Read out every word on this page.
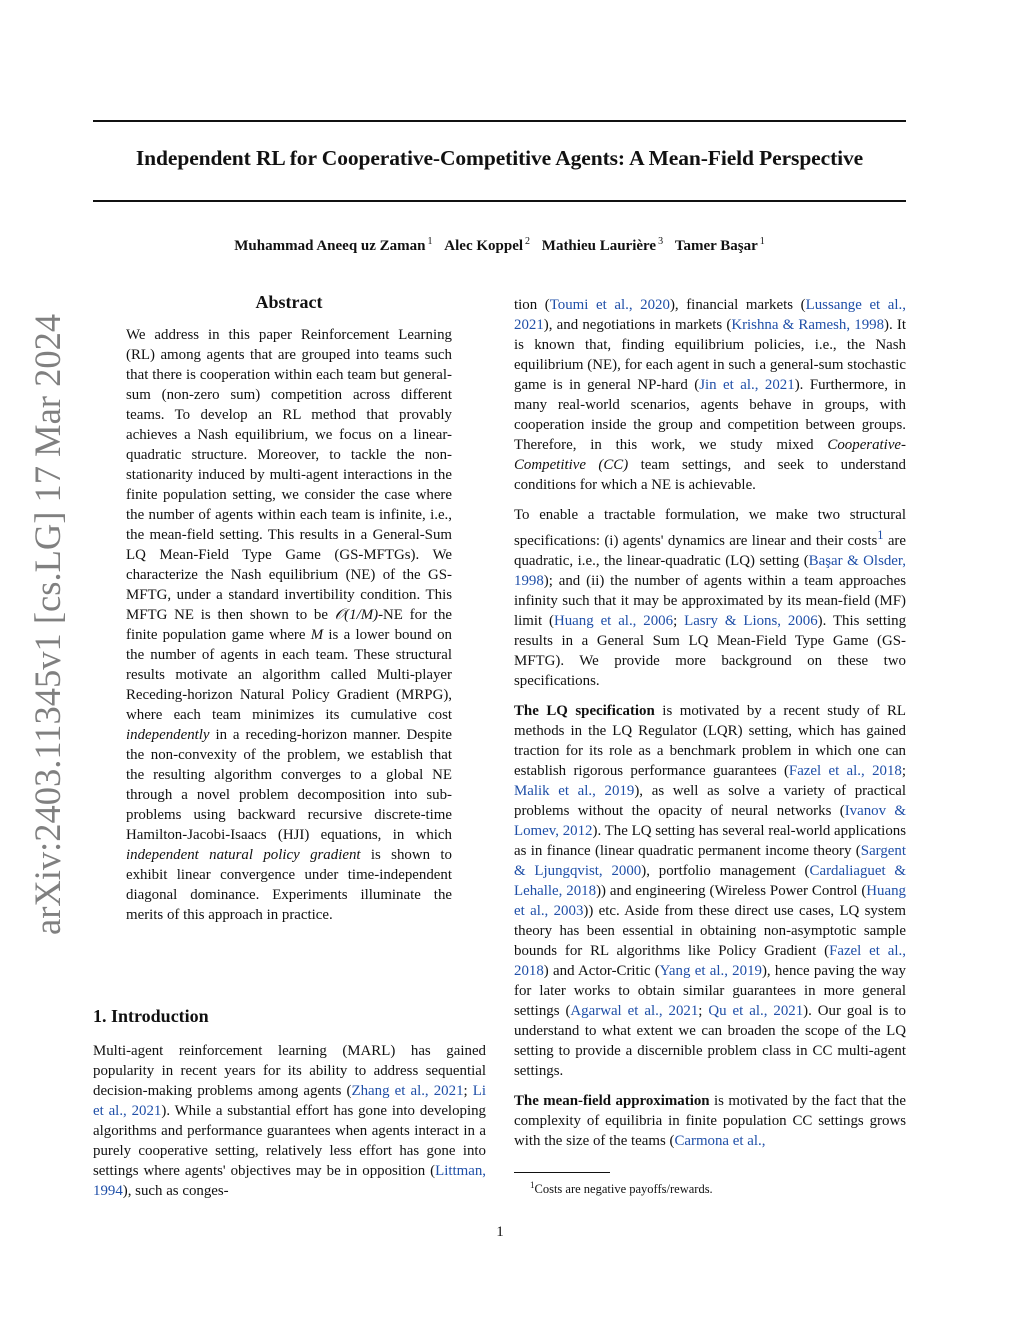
Independent RL for Cooperative-Competitive Agents: A Mean-Field Perspective
Muhammad Aneeq uz Zaman $^1$ Alec Koppel $^2$ Mathieu Laurière $^3$ Tamer Başar $^1$
arXiv:2403.11345v1 [cs.LG] 17 Mar 2024
Abstract

We address in this paper Reinforcement Learning (RL) among agents that are grouped into teams such that there is cooperation within each team but general-sum (non-zero sum) competition across different teams. To develop an RL method that provably achieves a Nash equilibrium, we focus on a linear-quadratic structure. Moreover, to tackle the non-stationarity induced by multi-agent interactions in the finite population setting, we consider the case where the number of agents within each team is infinite, i.e., the mean-field setting. This results in a General-Sum LQ Mean-Field Type Game (GS-MFTGs). We characterize the Nash equilibrium (NE) of the GS-MFTG, under a standard invertibility condition. This MFTG NE is then shown to be 𝒪(1/M)-NE for the finite population game where M is a lower bound on the number of agents in each team. These structural results motivate an algorithm called Multi-player Receding-horizon Natural Policy Gradient (MRPG), where each team minimizes its cumulative cost independently in a receding-horizon manner. Despite the non-convexity of the problem, we establish that the resulting algorithm converges to a global NE through a novel problem decomposition into sub-problems using backward recursive discrete-time Hamilton-Jacobi-Isaacs (HJI) equations, in which independent natural policy gradient is shown to exhibit linear convergence under time-independent diagonal dominance. Experiments illuminate the merits of this approach in practice.

1. Introduction

Multi-agent reinforcement learning (MARL) has gained popularity in recent years for its ability to address sequential decision-making problems among agents (Zhang et al., 2021; Li et al., 2021). While a substantial effort has gone into developing algorithms and performance guarantees when agents interact in a purely cooperative setting, relatively less effort has gone into settings where agents' objectives may be in opposition (Littman, 1994), such as conges-

tion (Toumi et al., 2020), financial markets (Lussange et al., 2021), and negotiations in markets (Krishna & Ramesh, 1998). It is known that, finding equilibrium policies, i.e., the Nash equilibrium (NE), for each agent in such a general-sum stochastic game is in general NP-hard (Jin et al., 2021). Furthermore, in many real-world scenarios, agents behave in groups, with cooperation inside the group and competition between groups. Therefore, in this work, we study mixed Cooperative-Competitive (CC) team settings, and seek to understand conditions for which a NE is achievable.

To enable a tractable formulation, we make two structural specifications: (i) agents' dynamics are linear and their costs$^1$ are quadratic, i.e., the linear-quadratic (LQ) setting (Başar & Olsder, 1998); and (ii) the number of agents within a team approaches infinity such that it may be approximated by its mean-field (MF) limit (Huang et al., 2006; Lasry & Lions, 2006). This setting results in a General Sum LQ Mean-Field Type Game (GS-MFTG). We provide more background on these two specifications.

The LQ specification is motivated by a recent study of RL methods in the LQ Regulator (LQR) setting, which has gained traction for its role as a benchmark problem in which one can establish rigorous performance guarantees (Fazel et al., 2018; Malik et al., 2019), as well as solve a variety of practical problems without the opacity of neural networks (Ivanov & Lomev, 2012). The LQ setting has several real-world applications as in finance (linear quadratic permanent income theory (Sargent & Ljungqvist, 2000), portfolio management (Cardaliaguet & Lehalle, 2018)) and engineering (Wireless Power Control (Huang et al., 2003)) etc. Aside from these direct use cases, LQ system theory has been essential in obtaining non-asymptotic sample bounds for RL algorithms like Policy Gradient (Fazel et al., 2018) and Actor-Critic (Yang et al., 2019), hence paving the way for later works to obtain similar guarantees in more general settings (Agarwal et al., 2021; Qu et al., 2021). Our goal is to understand to what extent we can broaden the scope of the LQ setting to provide a discernible problem class in CC multi-agent settings.

The mean-field approximation is motivated by the fact that the complexity of equilibria in finite population CC settings grows with the size of the teams (Carmona et al.,

$^1$Costs are negative payoffs/rewards.
1
